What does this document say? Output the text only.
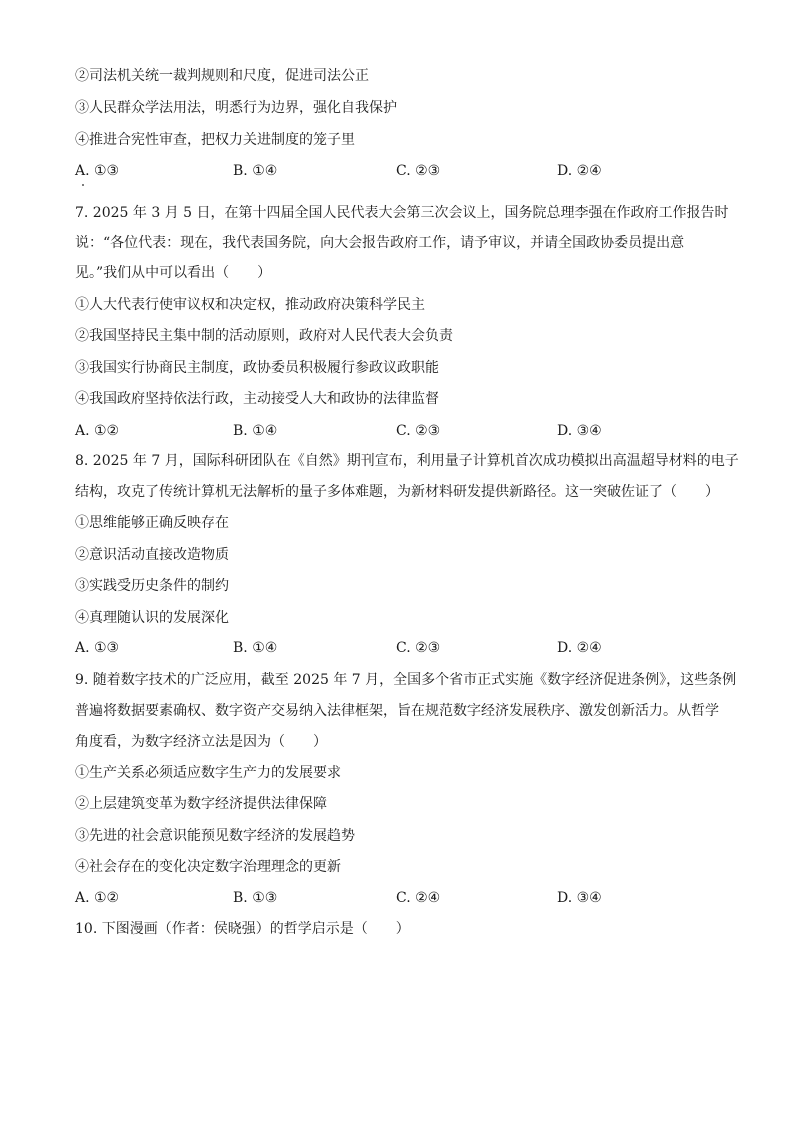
②司法机关统一裁判规则和尺度，促进司法公正
③人民群众学法用法，明悉行为边界，强化自我保护
④推进合宪性审查，把权力关进制度的笼子里
A. ①③	B. ①④	C. ②③	D. ②④
7. 2025 年 3 月 5 日，在第十四届全国人民代表大会第三次会议上，国务院总理李强在作政府工作报告时
说：“各位代表：现在，我代表国务院，向大会报告政府工作，请予审议，并请全国政协委员提出意
见。”我们从中可以看出（　　）
①人大代表行使审议权和决定权，推动政府决策科学民主
②我国坚持民主集中制的活动原则，政府对人民代表大会负责
③我国实行协商民主制度，政协委员积极履行参政议政职能
④我国政府坚持依法行政，主动接受人大和政协的法律监督
A. ①②	B. ①④	C. ②③	D. ③④
8. 2025 年 7 月，国际科研团队在《自然》期刊宣布，利用量子计算机首次成功模拟出高温超导材料的电子
结构，攻克了传统计算机无法解析的量子多体难题，为新材料研发提供新路径。这一突破佐证了（　　）
①思维能够正确反映存在
②意识活动直接改造物质
③实践受历史条件的制约
④真理随认识的发展深化
A. ①③	B. ①④	C. ②③	D. ②④
9. 随着数字技术的广泛应用，截至 2025 年 7 月，全国多个省市正式实施《数字经济促进条例》，这些条例
普遍将数据要素确权、数字资产交易纳入法律框架，旨在规范数字经济发展秩序、激发创新活力。从哲学
角度看，为数字经济立法是因为（　　）
①生产关系必须适应数字生产力的发展要求
②上层建筑变革为数字经济提供法律保障
③先进的社会意识能预见数字经济的发展趋势
④社会存在的变化决定数字治理理念的更新
A. ①②	B. ①③	C. ②④	D. ③④
10. 下图漫画（作者：侯晓强）的哲学启示是（　　）
